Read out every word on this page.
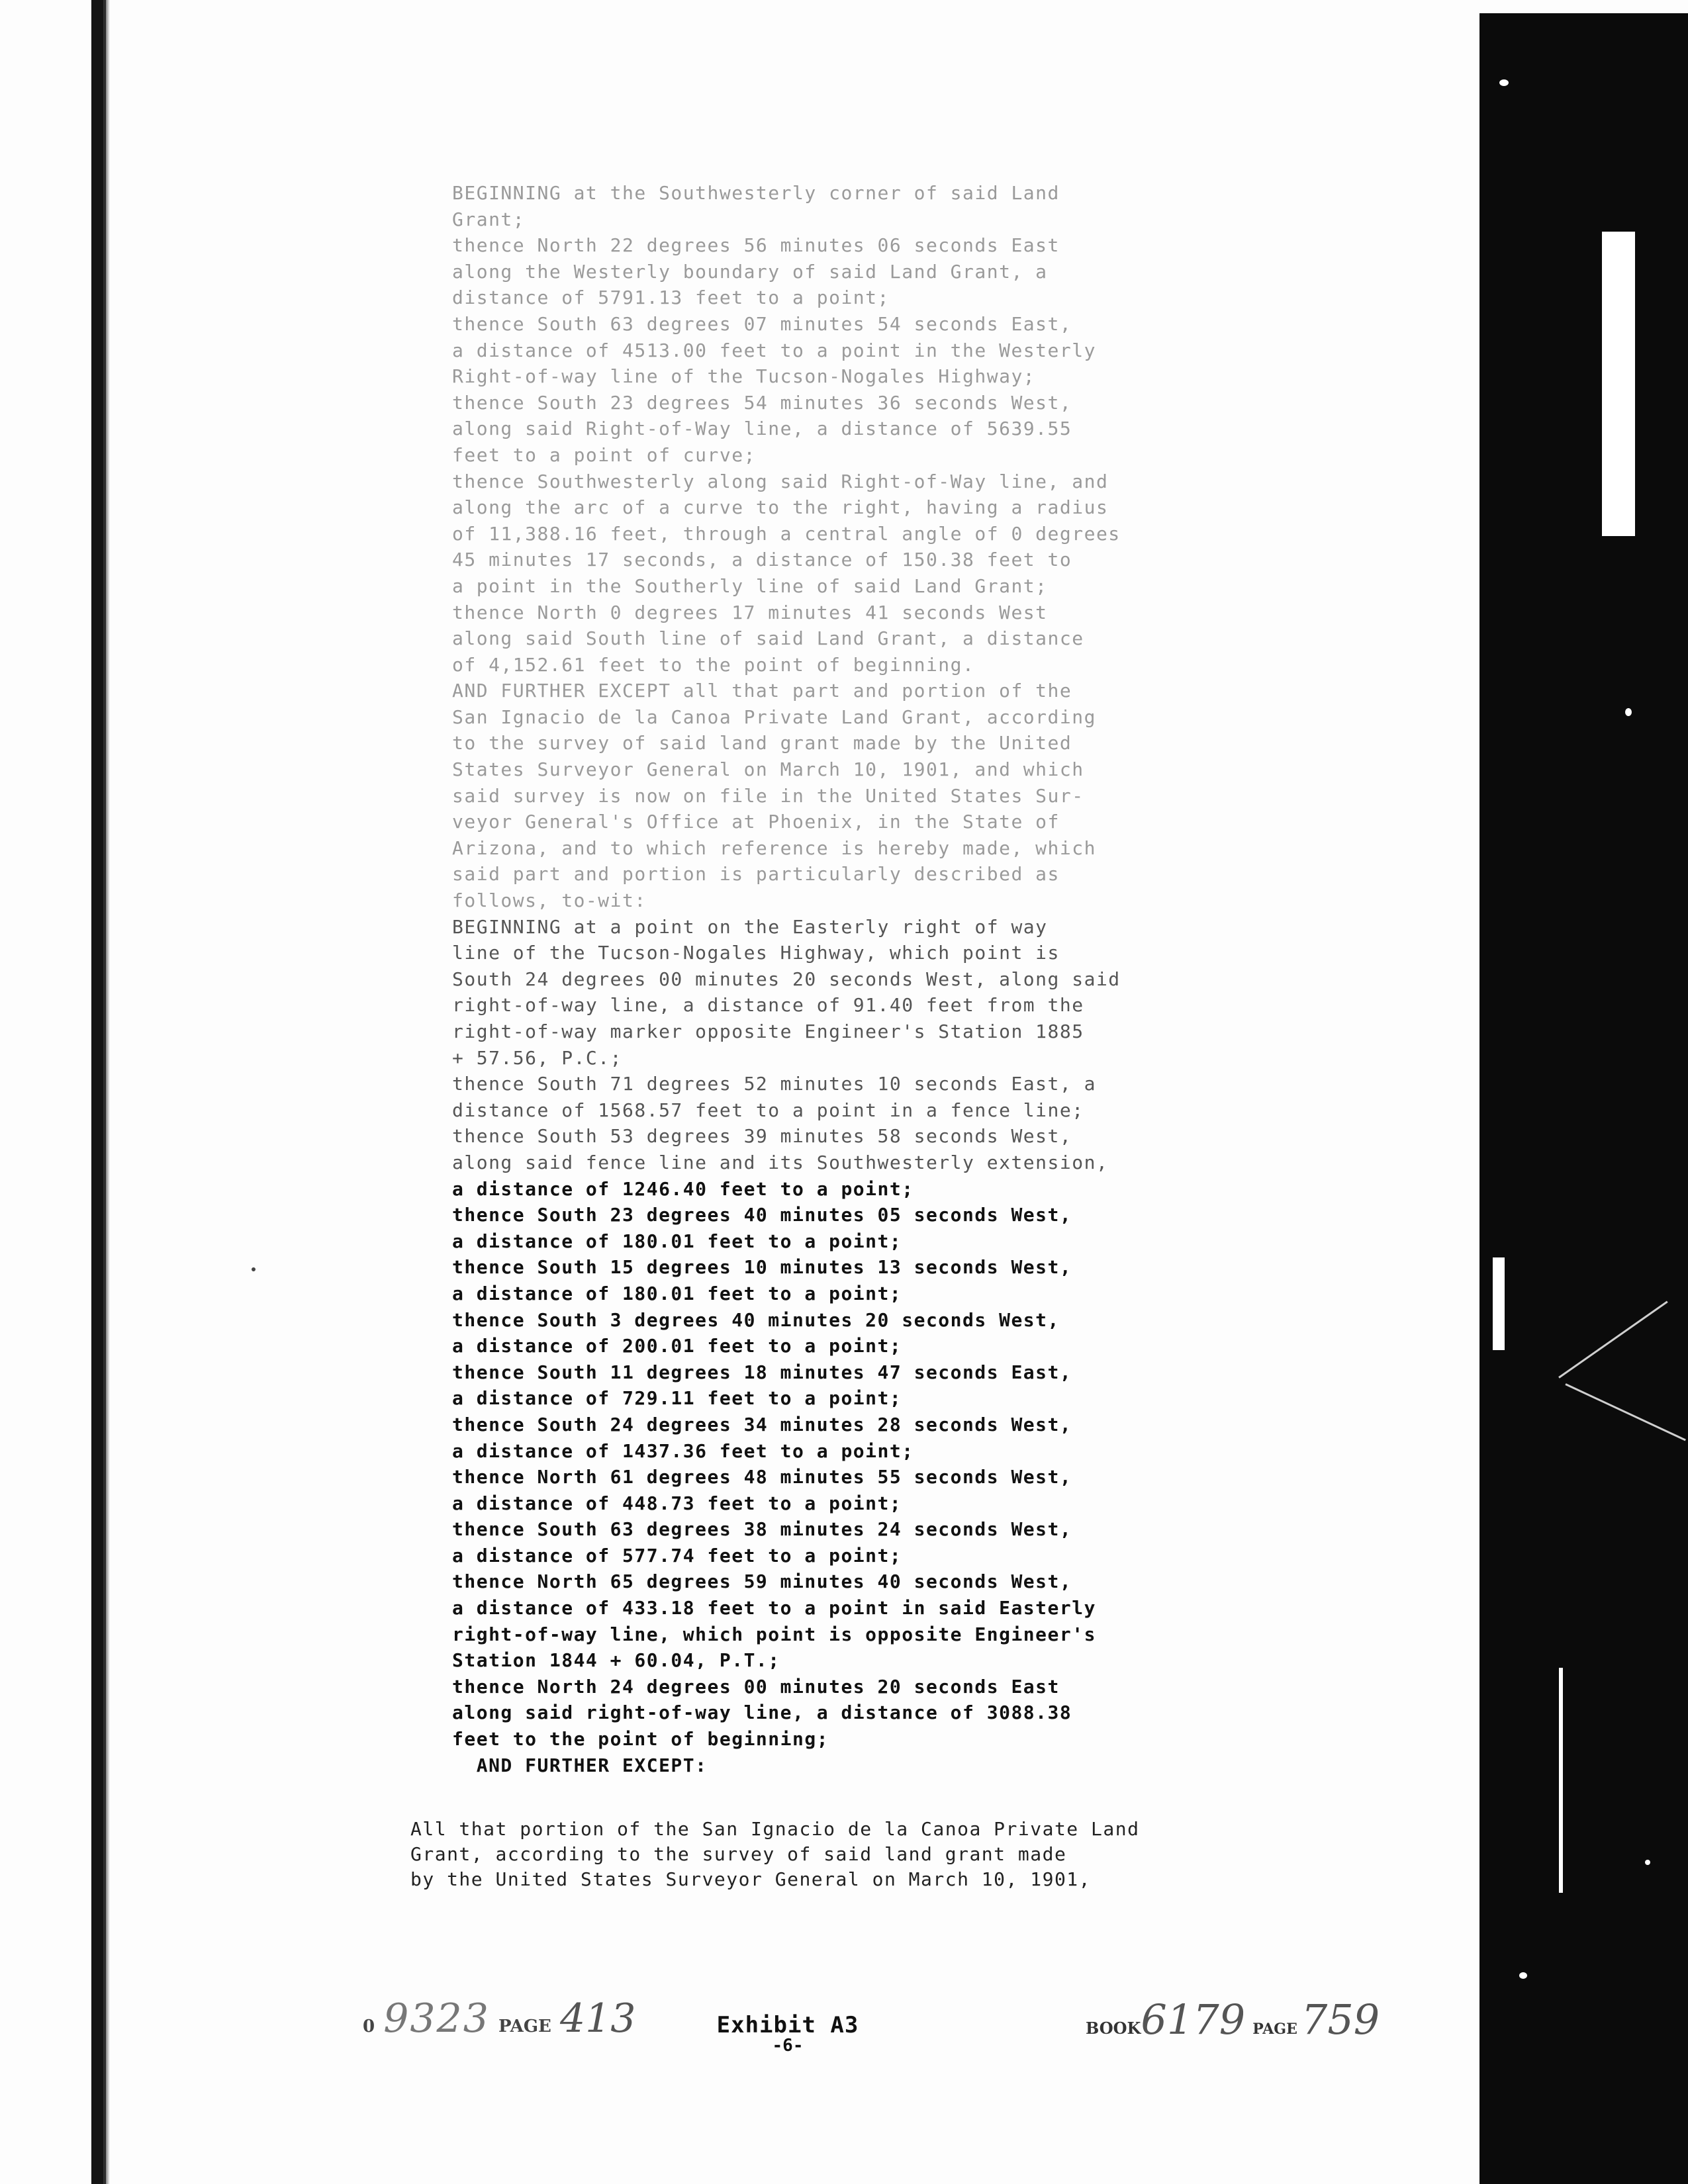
BEGINNING at the Southwesterly corner of said Land
Grant;
thence North 22 degrees 56 minutes 06 seconds East
along the Westerly boundary of said Land Grant, a
distance of 5791.13 feet to a point;
thence South 63 degrees 07 minutes 54 seconds East,
a distance of 4513.00 feet to a point in the Westerly
Right-of-way line of the Tucson-Nogales Highway;
thence South 23 degrees 54 minutes 36 seconds West,
along said Right-of-Way line, a distance of 5639.55
feet to a point of curve;
thence Southwesterly along said Right-of-Way line, and
along the arc of a curve to the right, having a radius
of 11,388.16 feet, through a central angle of 0 degrees
45 minutes 17 seconds, a distance of 150.38 feet to
a point in the Southerly line of said Land Grant;
thence North 0 degrees 17 minutes 41 seconds West
along said South line of said Land Grant, a distance
of 4,152.61 feet to the point of beginning.
AND FURTHER EXCEPT all that part and portion of the
San Ignacio de la Canoa Private Land Grant, according
to the survey of said land grant made by the United
States Surveyor General on March 10, 1901, and which
said survey is now on file in the United States Sur-
veyor General's Office at Phoenix, in the State of
Arizona, and to which reference is hereby made, which
said part and portion is particularly described as
follows, to-wit:
BEGINNING at a point on the Easterly right of way
line of the Tucson-Nogales Highway, which point is
South 24 degrees 00 minutes 20 seconds West, along said
right-of-way line, a distance of 91.40 feet from the
right-of-way marker opposite Engineer's Station 1885
+ 57.56, P.C.;
thence South 71 degrees 52 minutes 10 seconds East, a
distance of 1568.57 feet to a point in a fence line;
thence South 53 degrees 39 minutes 58 seconds West,
along said fence line and its Southwesterly extension,
a distance of 1246.40 feet to a point;
thence South 23 degrees 40 minutes 05 seconds West,
a distance of 180.01 feet to a point;
thence South 15 degrees 10 minutes 13 seconds West,
a distance of 180.01 feet to a point;
thence South 3 degrees 40 minutes 20 seconds West,
a distance of 200.01 feet to a point;
thence South 11 degrees 18 minutes 47 seconds East,
a distance of 729.11 feet to a point;
thence South 24 degrees 34 minutes 28 seconds West,
a distance of 1437.36 feet to a point;
thence North 61 degrees 48 minutes 55 seconds West,
a distance of 448.73 feet to a point;
thence South 63 degrees 38 minutes 24 seconds West,
a distance of 577.74 feet to a point;
thence North 65 degrees 59 minutes 40 seconds West,
a distance of 433.18 feet to a point in said Easterly
right-of-way line, which point is opposite Engineer's
Station 1844 + 60.04, P.T.;
thence North 24 degrees 00 minutes 20 seconds East
along said right-of-way line, a distance of 3088.38
feet to the point of beginning;
AND FURTHER EXCEPT:
All that portion of the San Ignacio de la Canoa Private Land
Grant, according to the survey of said land grant made
by the United States Surveyor General on March 10, 1901,
0 9323 PAGE 413	Exhibit A3
-6-
BOOK6179 PAGE759
